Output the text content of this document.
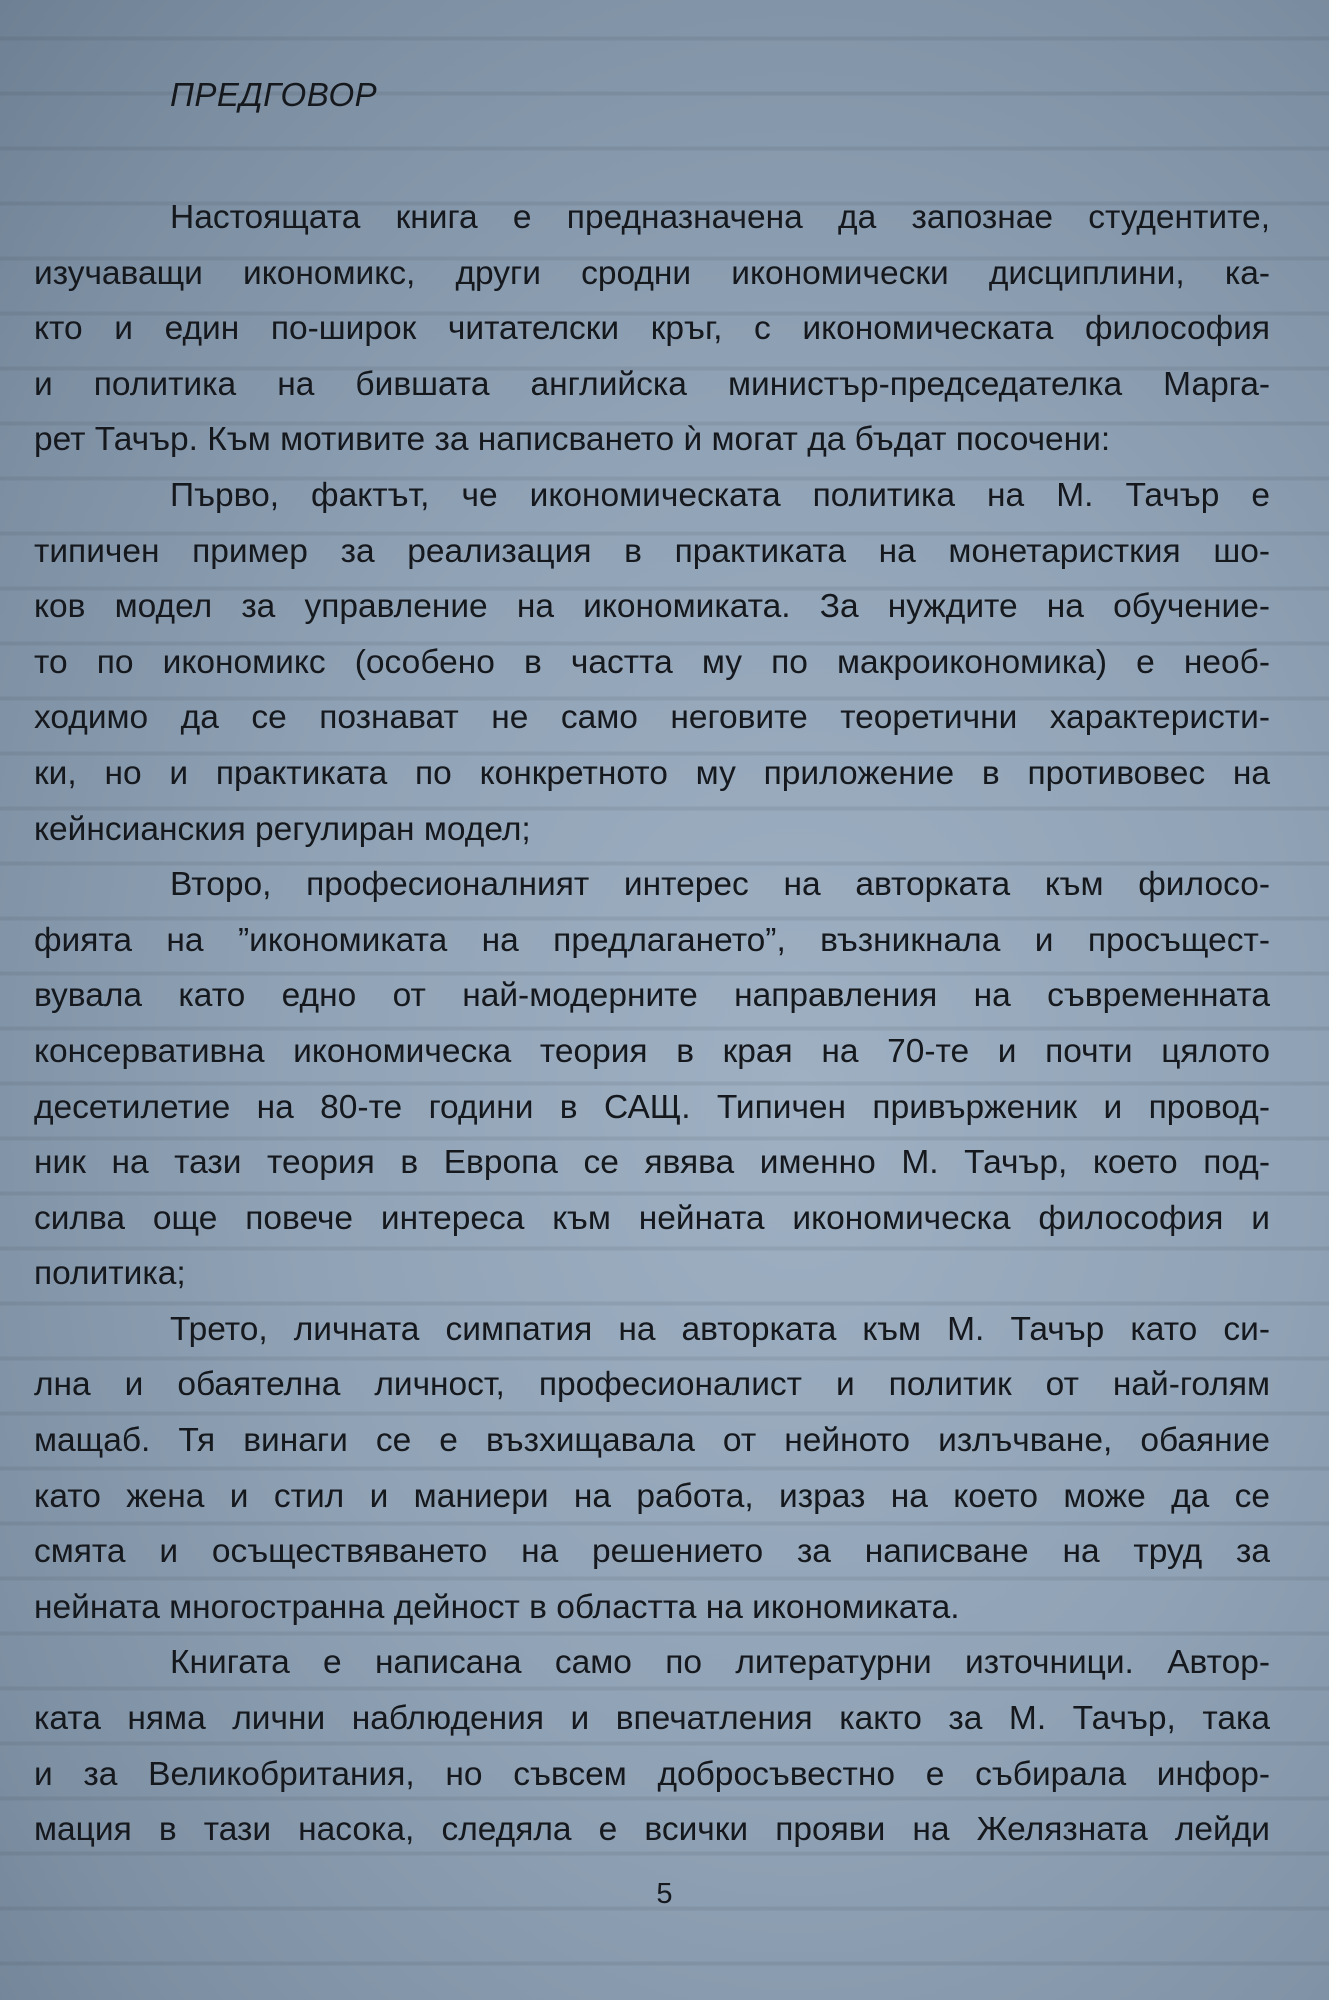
ПРЕДГОВОР
Настоящата книга е предназначена да запознае студентите,
изучаващи икономикс, други сродни икономически дисциплини, ка-
кто и един по-широк читателски кръг, с икономическата философия
и политика на бившата английска министър-председателка Марга-
рет Тачър. Към мотивите за написването ѝ могат да бъдат посочени:
Първо, фактът, че икономическата политика на М. Тачър е
типичен пример за реализация в практиката на монетаристкия шо-
ков модел за управление на икономиката. За нуждите на обучение-
то по икономикс (особено в частта му по макроикономика) е необ-
ходимо да се познават не само неговите теоретични характеристи-
ки, но и практиката по конкретното му приложение в противовес на
кейнсианския регулиран модел;
Второ, професионалният интерес на авторката към филосо-
фията на ”икономиката на предлагането”, възникнала и просъщест-
вувала като едно от най-модерните направления на съвременната
консервативна икономическа теория в края на 70-те и почти цялото
десетилетие на 80-те години в САЩ. Типичен привърженик и провод-
ник на тази теория в Европа се явява именно М. Тачър, което под-
силва още повече интереса към нейната икономическа философия и
политика;
Трето, личната симпатия на авторката към М. Тачър като си-
лна и обаятелна личност, професионалист и политик от най-голям
мащаб. Тя винаги се е възхищавала от нейното излъчване, обаяние
като жена и стил и маниери на работа, израз на което може да се
смята и осъществяването на решението за написване на труд за
нейната многостранна дейност в областта на икономиката.
Книгата е написана само по литературни източници. Автор-
ката няма лични наблюдения и впечатления както за М. Тачър, така
и за Великобритания, но съвсем добросъвестно е събирала инфор-
мация в тази насока, следяла е всички прояви на Желязната лейди
5
